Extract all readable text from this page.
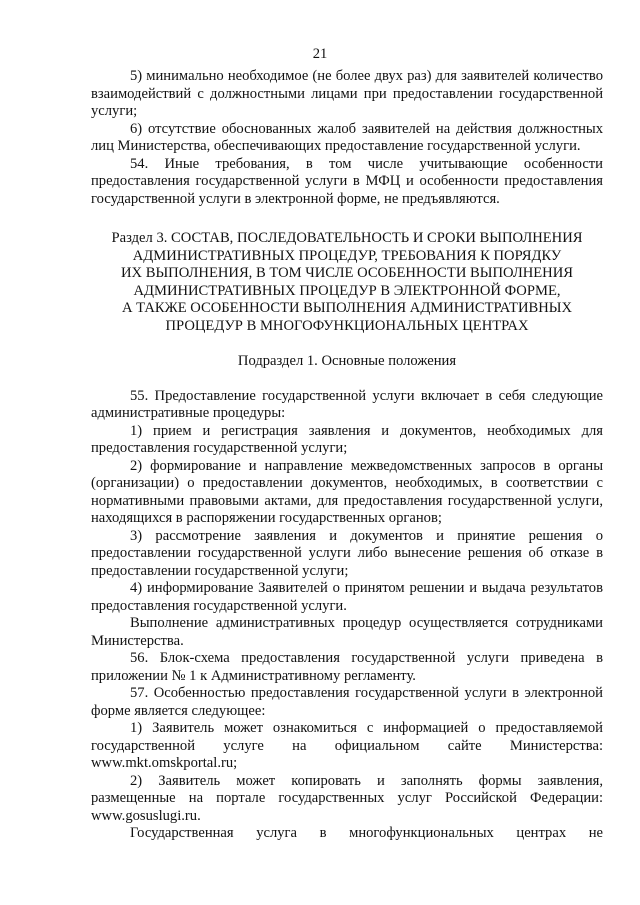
21

5) минимально необходимое (не более двух раз) для заявителей количество взаимодействий с должностными лицами при предоставлении государственной услуги;

6) отсутствие обоснованных жалоб заявителей на действия должностных лиц Министерства, обеспечивающих предоставление государственной услуги.

54. Иные требования, в том числе учитывающие особенности предоставления государственной услуги в МФЦ и особенности предоставления государственной услуги в электронной форме, не предъявляются.

Раздел 3. СОСТАВ, ПОСЛЕДОВАТЕЛЬНОСТЬ И СРОКИ ВЫПОЛНЕНИЯ
АДМИНИСТРАТИВНЫХ ПРОЦЕДУР, ТРЕБОВАНИЯ К ПОРЯДКУ
ИХ ВЫПОЛНЕНИЯ, В ТОМ ЧИСЛЕ ОСОБЕННОСТИ ВЫПОЛНЕНИЯ
АДМИНИСТРАТИВНЫХ ПРОЦЕДУР В ЭЛЕКТРОННОЙ ФОРМЕ,
А ТАКЖЕ ОСОБЕННОСТИ ВЫПОЛНЕНИЯ АДМИНИСТРАТИВНЫХ
ПРОЦЕДУР В МНОГОФУНКЦИОНАЛЬНЫХ ЦЕНТРАХ
Подраздел 1. Основные положения

55. Предоставление государственной услуги включает в себя следующие административные процедуры:

1) прием и регистрация заявления и документов, необходимых для предоставления государственной услуги;

2) формирование и направление межведомственных запросов в органы (организации) о предоставлении документов, необходимых, в соответствии с нормативными правовыми актами, для предоставления государственной услуги, находящихся в распоряжении государственных органов;

3) рассмотрение заявления и документов и принятие решения о предоставлении государственной услуги либо вынесение решения об отказе в предоставлении государственной услуги;

4) информирование Заявителей о принятом решении и выдача результатов предоставления государственной услуги.

Выполнение административных процедур осуществляется сотрудниками Министерства.

56. Блок-схема предоставления государственной услуги приведена в приложении № 1 к Административному регламенту.

57. Особенностью предоставления государственной услуги в электронной форме является следующее:

1) Заявитель может ознакомиться с информацией о предоставляемой государственной услуге на официальном сайте Министерства: www.mkt.omskportal.ru;

2) Заявитель может копировать и заполнять формы заявления, размещенные на портале государственных услуг Российской Федерации: www.gosuslugi.ru.

Государственная услуга в многофункциональных центрах не
